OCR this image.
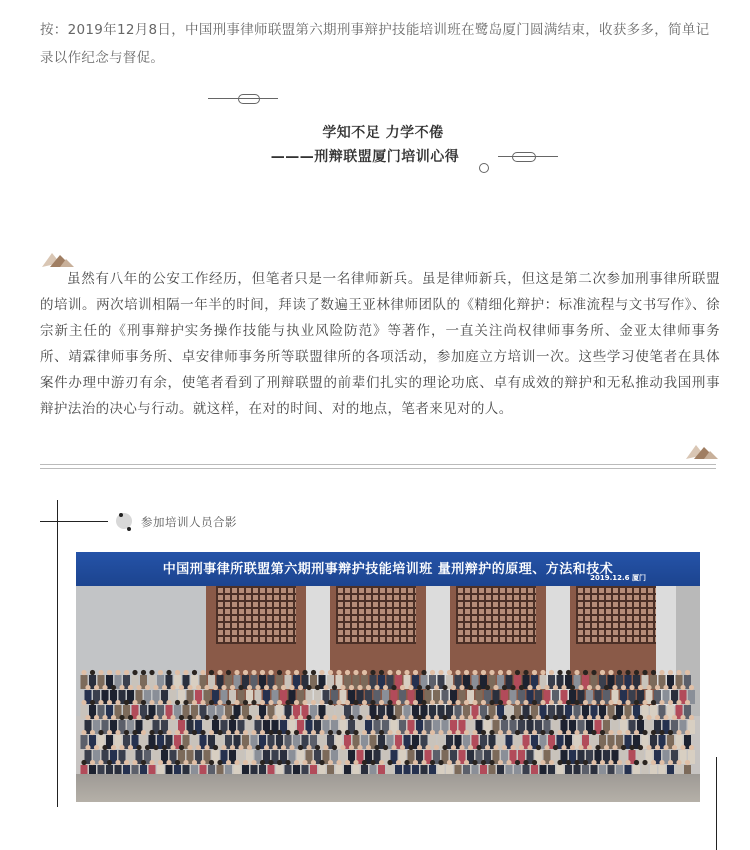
按：2019年12月8日，中国刑事律师联盟第六期刑事辩护技能培训班在鹭岛厦门圆满结束，收获多多，简单记录以作纪念与督促。
学知不足 力学不倦
———刑辩联盟厦门培训心得
虽然有八年的公安工作经历，但笔者只是一名律师新兵。虽是律师新兵，但这是第二次参加刑事律所联盟的培训。两次培训相隔一年半的时间，拜读了数遍王亚林律师团队的《精细化辩护：标准流程与文书写作》、徐宗新主任的《刑事辩护实务操作技能与执业风险防范》等著作，一直关注尚权律师事务所、金亚太律师事务所、靖霖律师事务所、卓安律师事务所等联盟律所的各项活动，参加庭立方培训一次。这些学习使笔者在具体案件办理中游刃有余，使笔者看到了刑辩联盟的前辈们扎实的理论功底、卓有成效的辩护和无私推动我国刑事辩护法治的决心与行动。就这样，在对的时间、对的地点，笔者来见对的人。
参加培训人员合影
中国刑事律所联盟第六期刑事辩护技能培训班 量刑辩护的原理、方法和技术
2019.12.6 厦门
